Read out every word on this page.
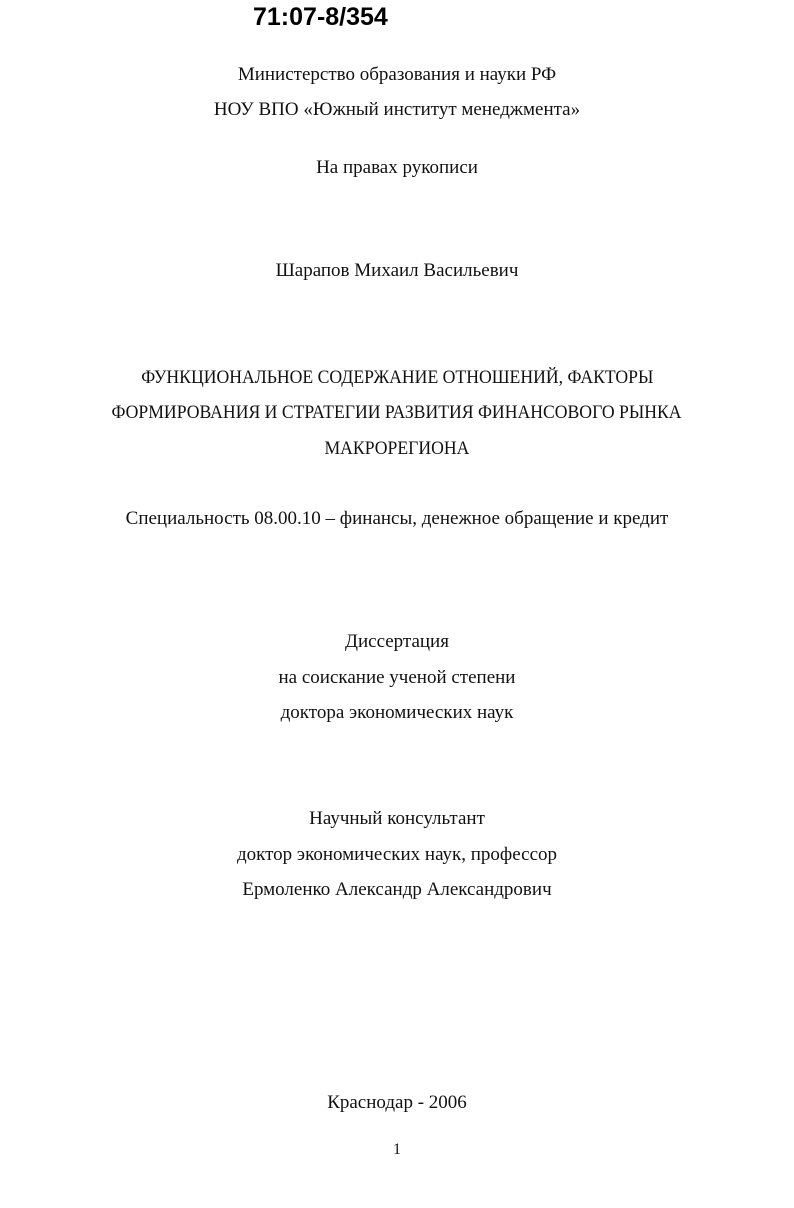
71:07-8/354
Министерство образования и науки РФ
НОУ ВПО «Южный институт менеджмента»
На правах рукописи
Шарапов Михаил Васильевич
ФУНКЦИОНАЛЬНОЕ СОДЕРЖАНИЕ ОТНОШЕНИЙ, ФАКТОРЫ
ФОРМИРОВАНИЯ И СТРАТЕГИИ РАЗВИТИЯ ФИНАНСОВОГО РЫНКА
МАКРОРЕГИОНА
Специальность 08.00.10 – финансы, денежное обращение и кредит
Диссертация
на соискание ученой степени
доктора экономических наук
Научный консультант
доктор экономических наук, профессор
Ермоленко Александр Александрович
Краснодар - 2006
1
